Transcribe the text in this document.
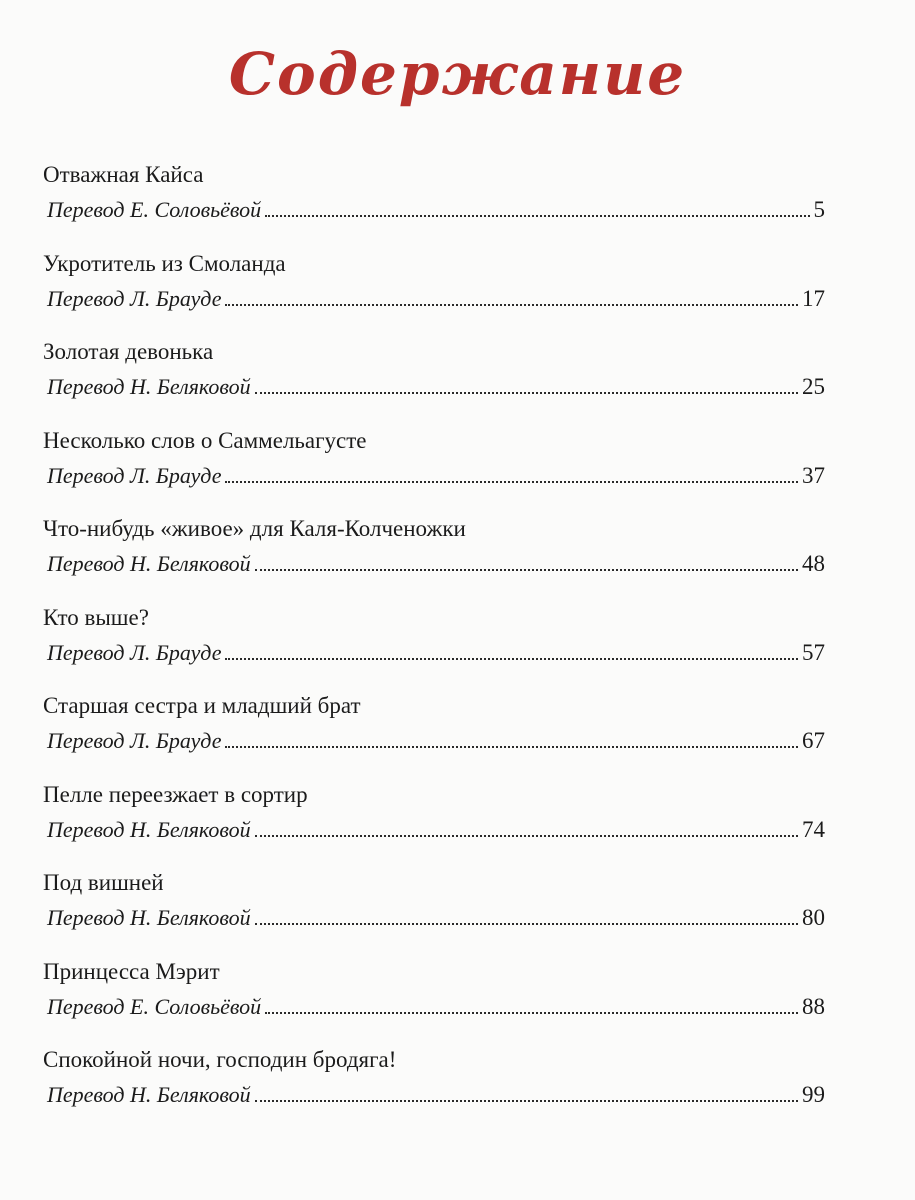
Содержание
Отважная Кайса
Перевод Е. Соловьёвой	5
Укротитель из Смоланда
Перевод Л. Брауде	17
Золотая девонька
Перевод Н. Беляковой	25
Несколько слов о Саммельагусте
Перевод Л. Брауде	37
Что-нибудь «живое» для Каля-Колченожки
Перевод Н. Беляковой	48
Кто выше?
Перевод Л. Брауде	57
Старшая сестра и младший брат
Перевод Л. Брауде	67
Пелле переезжает в сортир
Перевод Н. Беляковой	74
Под вишней
Перевод Н. Беляковой	80
Принцесса Мэрит
Перевод Е. Соловьёвой	88
Спокойной ночи, господин бродяга!
Перевод Н. Беляковой	99
